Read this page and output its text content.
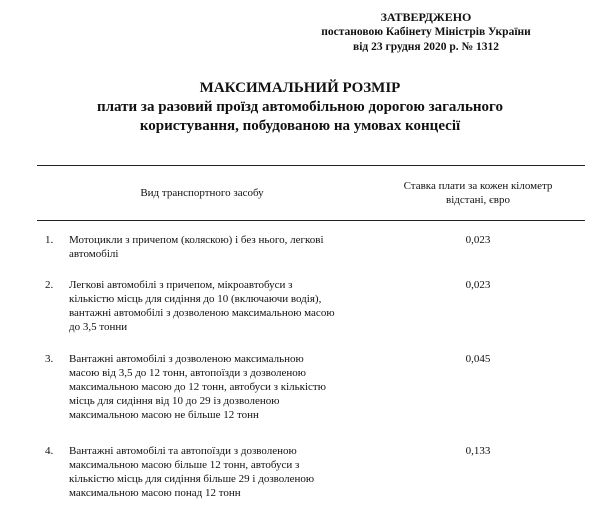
ЗАТВЕРДЖЕНО
постановою Кабінету Міністрів України
від 23 грудня 2020 р. № 1312
МАКСИМАЛЬНИЙ РОЗМІР
плати за разовий проїзд автомобільною дорогою загального
користування, побудованою на умовах концесії
Вид транспортного засобу
Ставка плати за кожен кілометр
відстані, євро
1.	Мотоцикли з причепом (коляскою) і без нього, легкові
автомобілі
0,023
2.	Легкові автомобілі з причепом, мікроавтобуси з
кількістю місць для сидіння до 10 (включаючи водія),
вантажні автомобілі з дозволеною максимальною масою
до 3,5 тонни
0,023
3.	Вантажні автомобілі з дозволеною максимальною
масою від 3,5 до 12 тонн, автопоїзди з дозволеною
максимальною масою до 12 тонн, автобуси з кількістю
місць для сидіння від 10 до 29 із дозволеною
максимальною масою не більше 12 тонн
0,045
4.	Вантажні автомобілі та автопоїзди з дозволеною
максимальною масою більше 12 тонн, автобуси з
кількістю місць для сидіння більше 29 і дозволеною
максимальною масою понад 12 тонн
0,133
